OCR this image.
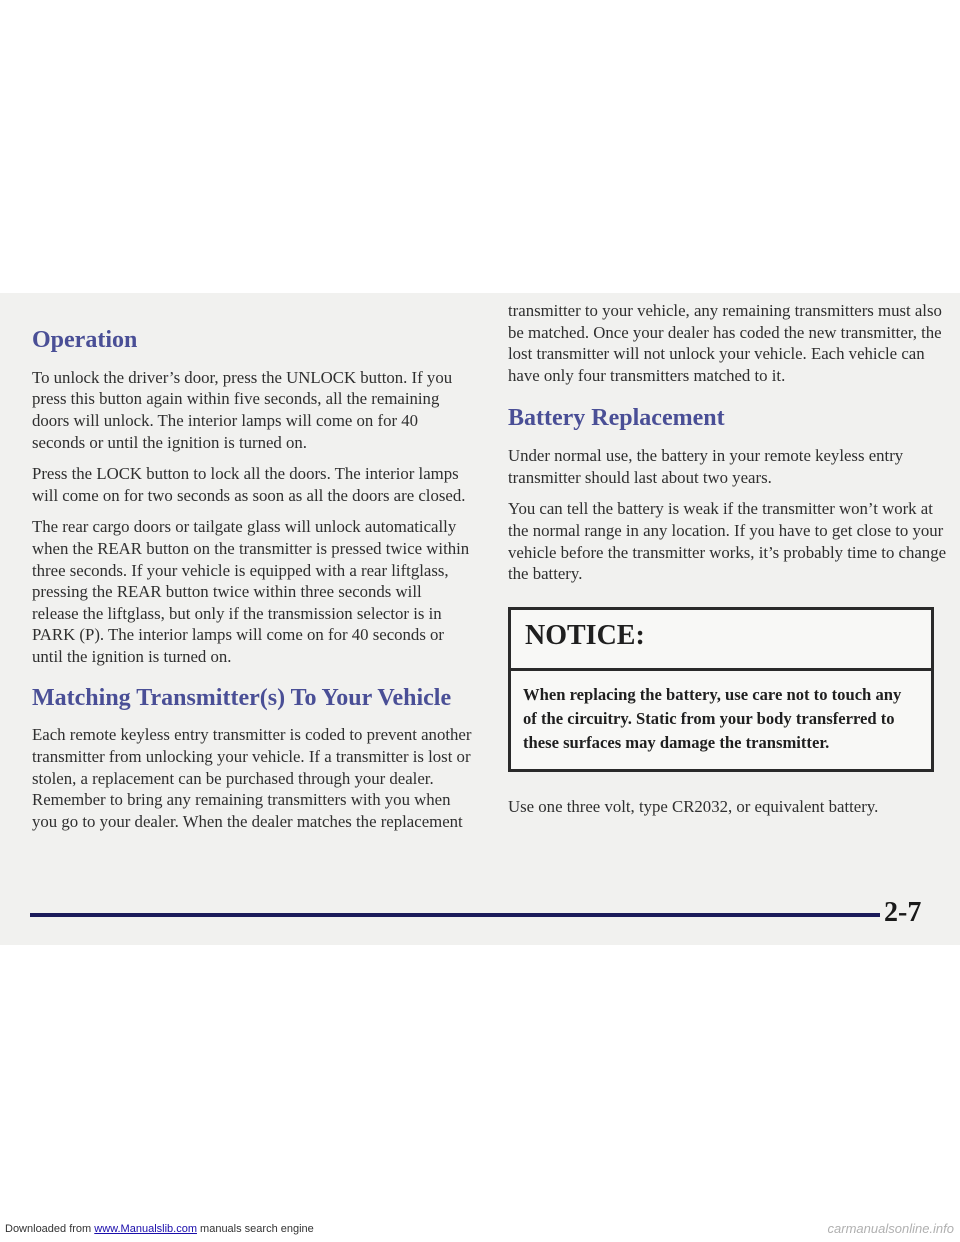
Operation

To unlock the driver’s door, press the UNLOCK button. If you press this button again within five seconds, all the remaining doors will unlock. The interior lamps will come on for 40 seconds or until the ignition is turned on.

Press the LOCK button to lock all the doors. The interior lamps will come on for two seconds as soon as all the doors are closed.

The rear cargo doors or tailgate glass will unlock automatically when the REAR button on the transmitter is pressed twice within three seconds. If your vehicle is equipped with a rear liftglass, pressing the REAR button twice within three seconds will release the liftglass, but only if the transmission selector is in PARK (P). The interior lamps will come on for 40 seconds or until the ignition is turned on.

Matching Transmitter(s) To Your Vehicle

Each remote keyless entry transmitter is coded to prevent another transmitter from unlocking your vehicle. If a transmitter is lost or stolen, a replacement can be purchased through your dealer. Remember to bring any remaining transmitters with you when you go to your dealer. When the dealer matches the replacement

transmitter to your vehicle, any remaining transmitters must also be matched. Once your dealer has coded the new transmitter, the lost transmitter will not unlock your vehicle. Each vehicle can have only four transmitters matched to it.

Battery Replacement

Under normal use, the battery in your remote keyless entry transmitter should last about two years.

You can tell the battery is weak if the transmitter won’t work at the normal range in any location. If you have to get close to your vehicle before the transmitter works, it’s probably time to change the battery.

NOTICE:
When replacing the battery, use care not to touch any of the circuitry. Static from your body transferred to these surfaces may damage the transmitter.

Use one three volt, type CR2032, or equivalent battery.

2-7
Downloaded from www.Manualslib.com manuals search engine	carmanualsonline.info
